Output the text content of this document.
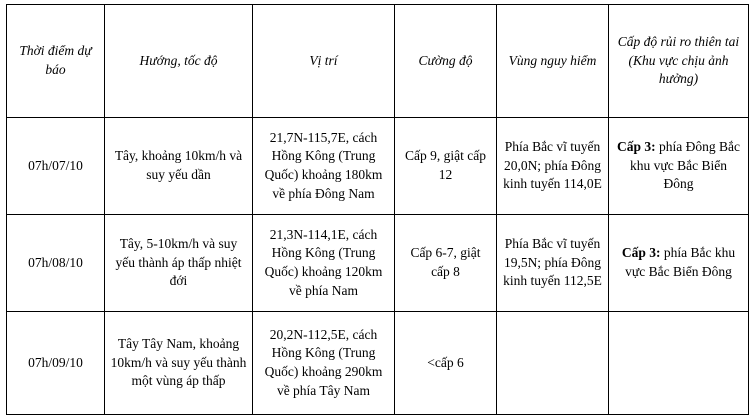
Thời điểm dự báo	Hướng, tốc độ	Vị trí	Cường độ	Vùng nguy hiểm	Cấp độ rủi ro thiên tai (Khu vực chịu ảnh hưởng)
07h/07/10	Tây, khoảng 10km/h và suy yếu dần	21,7N-115,7E, cách Hồng Kông (Trung Quốc) khoảng 180km về phía Đông Nam	Cấp 9, giật cấp 12	Phía Bắc vĩ tuyến 20,0N; phía Đông kinh tuyến 114,0E	Cấp 3: phía Đông Bắc khu vực Bắc Biển Đông
07h/08/10	Tây, 5-10km/h và suy yếu thành áp thấp nhiệt đới	21,3N-114,1E, cách Hồng Kông (Trung Quốc) khoảng 120km về phía Nam	Cấp 6-7, giật cấp 8	Phía Bắc vĩ tuyến 19,5N; phía Đông kinh tuyến 112,5E	Cấp 3: phía Bắc khu vực Bắc Biển Đông
07h/09/10	Tây Tây Nam, khoảng 10km/h và suy yếu thành một vùng áp thấp	20,2N-112,5E, cách Hồng Kông (Trung Quốc) khoảng 290km về phía Tây Nam	<cấp 6		
